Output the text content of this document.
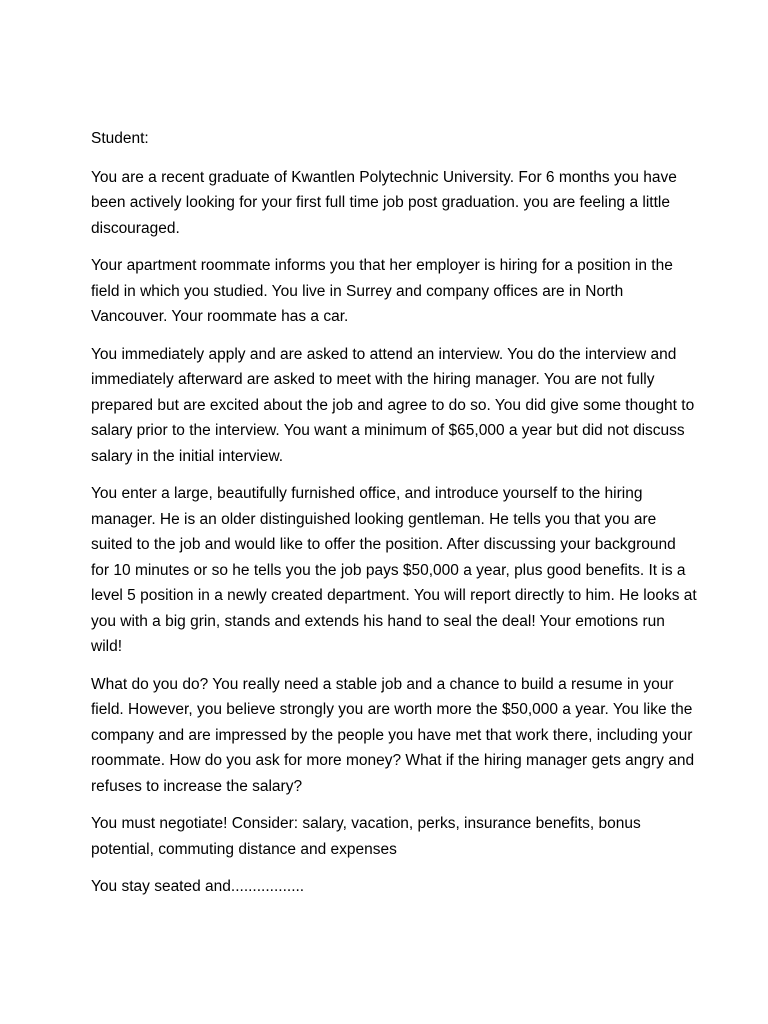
Student:

You are a recent graduate of Kwantlen Polytechnic University. For 6 months you have been actively looking for your first full time job post graduation. you are feeling a little discouraged.

Your apartment roommate informs you that her employer is hiring for a position in the field in which you studied. You live in Surrey and company offices are in North Vancouver. Your roommate has a car.

You immediately apply and are asked to attend an interview. You do the interview and immediately afterward are asked to meet with the hiring manager. You are not fully prepared but are excited about the job and agree to do so. You did give some thought to salary prior to the interview. You want a minimum of $65,000 a year but did not discuss salary in the initial interview.

You enter a large, beautifully furnished office, and introduce yourself to the hiring manager. He is an older distinguished looking gentleman. He tells you that you are suited to the job and would like to offer the position. After discussing your background for 10 minutes or so he tells you the job pays $50,000 a year, plus good benefits. It is a level 5 position in a newly created department. You will report directly to him. He looks at you with a big grin, stands and extends his hand to seal the deal! Your emotions run wild!

What do you do? You really need a stable job and a chance to build a resume in your field. However, you believe strongly you are worth more the $50,000 a year. You like the company and are impressed by the people you have met that work there, including your roommate. How do you ask for more money? What if the hiring manager gets angry and refuses to increase the salary?

You must negotiate! Consider: salary, vacation, perks, insurance benefits, bonus potential, commuting distance and expenses

You stay seated and.................
